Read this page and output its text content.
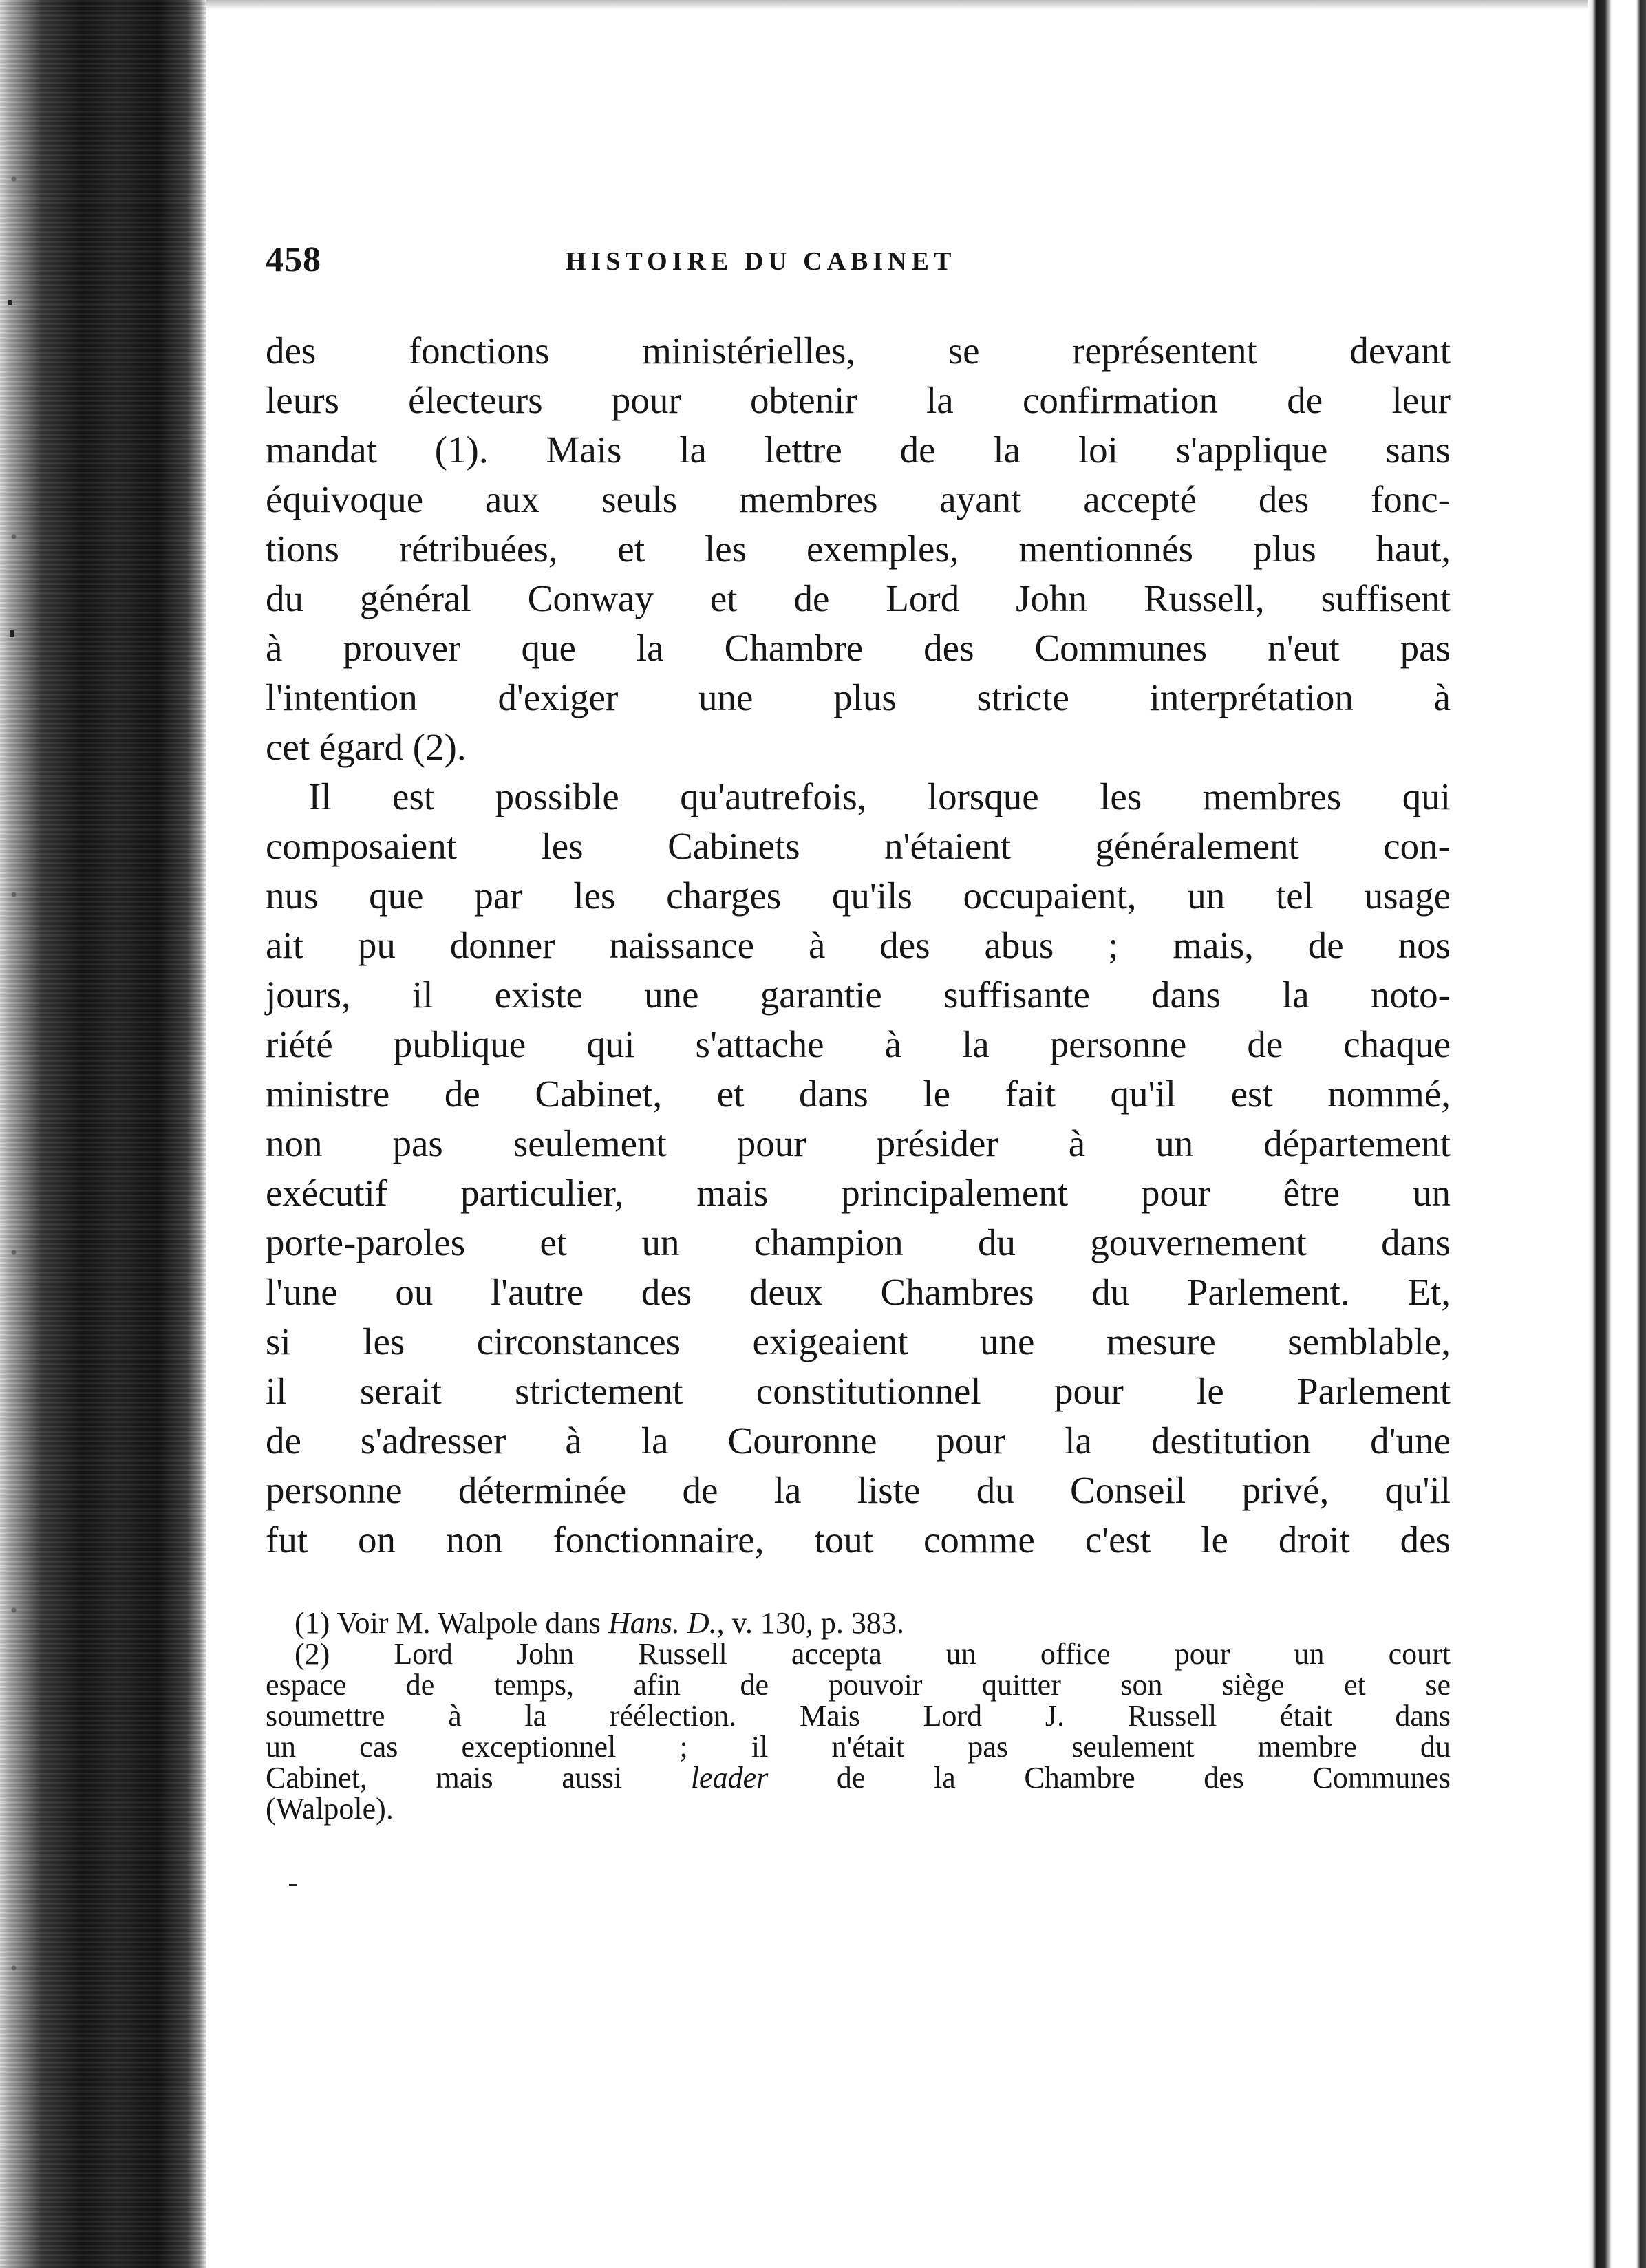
458	HISTOIRE DU CABINET
des fonctions ministérielles, se représentent devant
leurs électeurs pour obtenir la confirmation de leur
mandat (1). Mais la lettre de la loi s'applique sans
équivoque aux seuls membres ayant accepté des fonc-
tions rétribuées, et les exemples, mentionnés plus haut,
du général Conway et de Lord John Russell, suffisent
à prouver que la Chambre des Communes n'eut pas
l'intention d'exiger une plus stricte interprétation à
cet égard (2).
Il est possible qu'autrefois, lorsque les membres qui
composaient les Cabinets n'étaient généralement con-
nus que par les charges qu'ils occupaient, un tel usage
ait pu donner naissance à des abus ; mais, de nos
jours, il existe une garantie suffisante dans la noto-
riété publique qui s'attache à la personne de chaque
ministre de Cabinet, et dans le fait qu'il est nommé,
non pas seulement pour présider à un département
exécutif particulier, mais principalement pour être un
porte-paroles et un champion du gouvernement dans
l'une ou l'autre des deux Chambres du Parlement. Et,
si les circonstances exigeaient une mesure semblable,
il serait strictement constitutionnel pour le Parlement
de s'adresser à la Couronne pour la destitution d'une
personne déterminée de la liste du Conseil privé, qu'il
fut on non fonctionnaire, tout comme c'est le droit des
(1) Voir M. Walpole dans Hans. D., v. 130, p. 383.
(2) Lord John Russell accepta un office pour un court
espace de temps, afin de pouvoir quitter son siège et se
soumettre à la réélection. Mais Lord J. Russell était dans
un cas exceptionnel ; il n'était pas seulement membre du
Cabinet, mais aussi leader de la Chambre des Communes
(Walpole).
